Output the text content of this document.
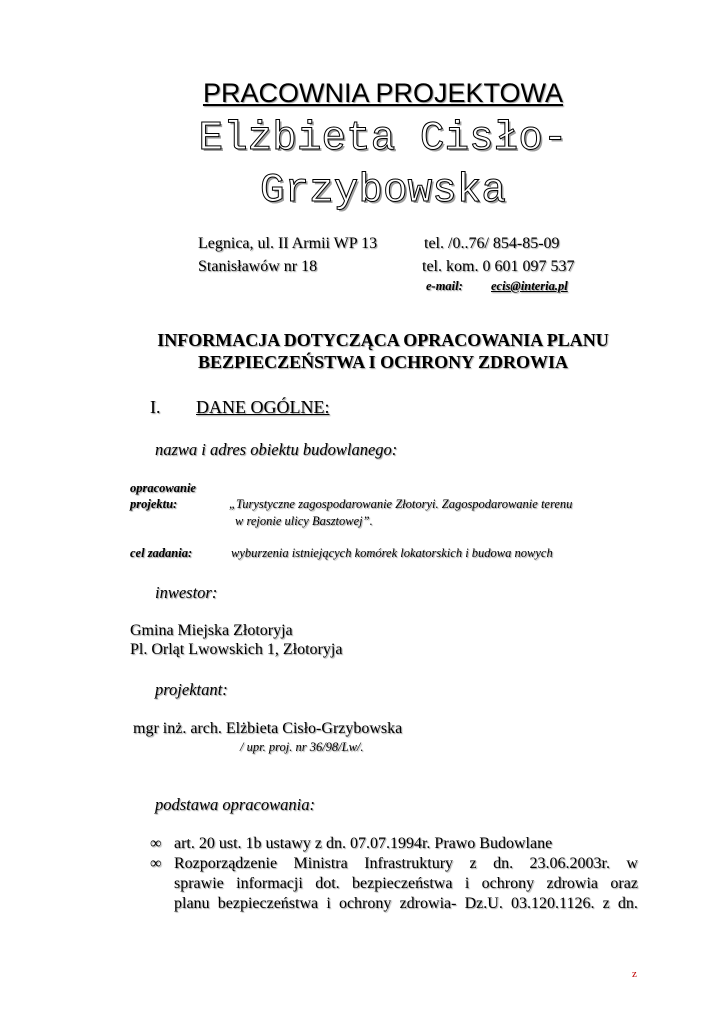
PRACOWNIA PROJEKTOWA
Elżbieta Cisło-
Grzybowska
Legnica, ul. II Armii WP 13	tel. /0..76/ 854-85-09
Stanisławów nr 18	tel. kom. 0 601 097 537
e-mail: ecis@interia.pl
INFORMACJA DOTYCZĄCA OPRACOWANIA PLANU
BEZPIECZEŃSTWA I OCHRONY ZDROWIA
I. DANE OGÓLNE:
nazwa i adres obiektu budowlanego:
opracowanie
projektu:	„Turystyczne zagospodarowanie Złotoryi. Zagospodarowanie terenu
w rejonie ulicy Basztowej”.
cel zadania:	wyburzenia istniejących komórek lokatorskich i budowa nowych
inwestor:
Gmina Miejska Złotoryja
Pl. Orląt Lwowskich 1, Złotoryja
projektant:
mgr inż. arch. Elżbieta Cisło-Grzybowska
/ upr. proj. nr 36/98/Lw/.
podstawa opracowania:
∞ art. 20 ust. 1b ustawy z dn. 07.07.1994r. Prawo Budowlane
∞ Rozporządzenie Ministra Infrastruktury z dn. 23.06.2003r. w
sprawie informacji dot. bezpieczeństwa i ochrony zdrowia oraz
planu bezpieczeństwa i ochrony zdrowia- Dz.U. 03.120.1126. z dn.
z
